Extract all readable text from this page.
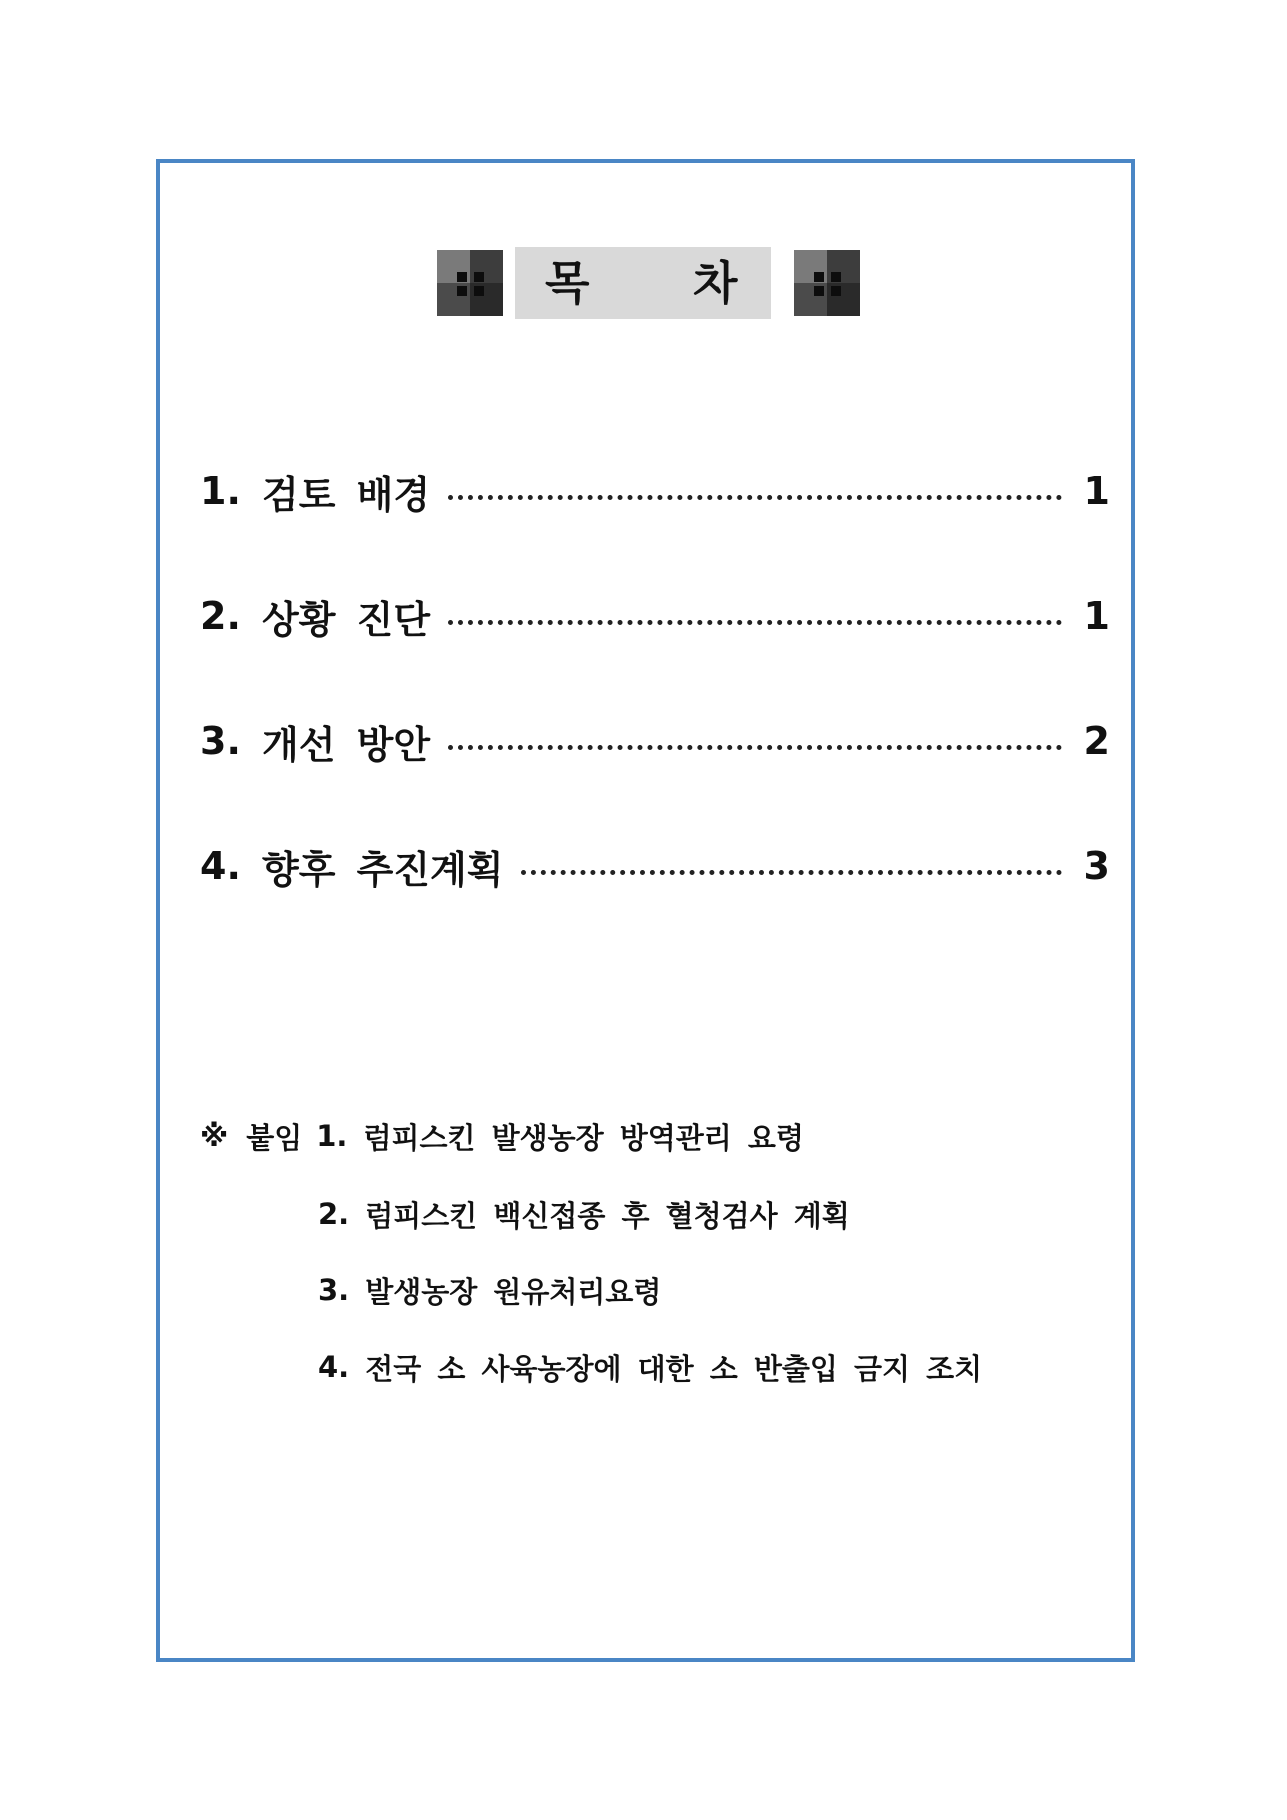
목 차
1. 검토 배경	1
2. 상황 진단	1
3. 개선 방안	2
4. 향후 추진계획	3
※ 붙임 1. 럼피스킨 발생농장 방역관리 요령
2. 럼피스킨 백신접종 후 혈청검사 계획
3. 발생농장 원유처리요령
4. 전국 소 사육농장에 대한 소 반출입 금지 조치
